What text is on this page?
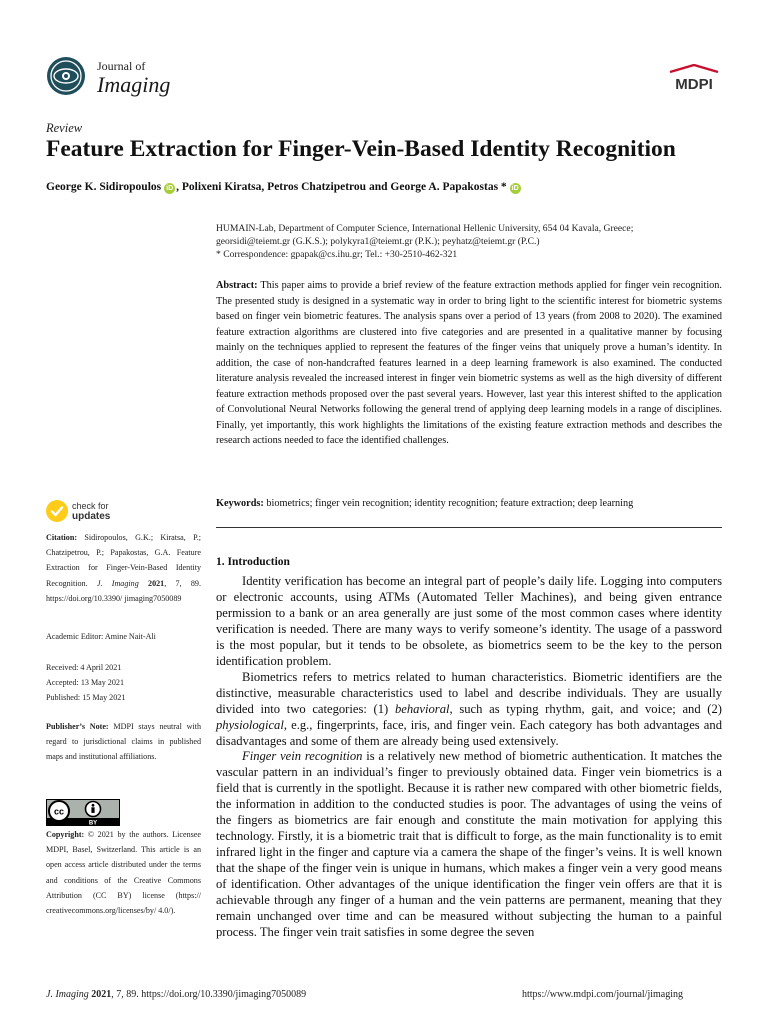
Journal of
Imaging	MDPI
Review
Feature Extraction for Finger-Vein-Based Identity Recognition
George K. Sidiropoulos iD , Polixeni Kiratsa, Petros Chatzipetrou and George A. Papakostas * iD
HUMAIN-Lab, Department of Computer Science, International Hellenic University, 654 04 Kavala, Greece;
georsidi@teiemt.gr (G.K.S.); polykyra1@teiemt.gr (P.K.); peyhatz@teiemt.gr (P.C.)
* Correspondence: gpapak@cs.ihu.gr; Tel.: +30-2510-462-321
Abstract: This paper aims to provide a brief review of the feature extraction methods applied for finger vein recognition. The presented study is designed in a systematic way in order to bring light to the scientific interest for biometric systems based on finger vein biometric features. The analysis spans over a period of 13 years (from 2008 to 2020). The examined feature extraction algorithms are clustered into five categories and are presented in a qualitative manner by focusing mainly on the techniques applied to represent the features of the finger veins that uniquely prove a human’s identity. In addition, the case of non-handcrafted features learned in a deep learning framework is also examined. The conducted literature analysis revealed the increased interest in finger vein biometric systems as well as the high diversity of different feature extraction methods proposed over the past several years. However, last year this interest shifted to the application of Convolutional Neural Networks following the general trend of applying deep learning models in a range of disciplines. Finally, yet importantly, this work highlights the limitations of the existing feature extraction methods and describes the research actions needed to face the identified challenges.
Keywords: biometrics; finger vein recognition; identity recognition; feature extraction; deep learning
check for
updates
Citation: Sidiropoulos, G.K.; Kiratsa, P.; Chatzipetrou, P.; Papakostas, G.A. Feature Extraction for Finger-Vein-Based Identity Recognition. J. Imaging 2021, 7, 89. https://doi.org/10.3390/ jimaging7050089
Academic Editor: Amine Nait-Ali
Received: 4 April 2021
Accepted: 13 May 2021
Published: 15 May 2021
Publisher’s Note: MDPI stays neutral with regard to jurisdictional claims in published maps and institutional affiliations.
cc
BY
Copyright: © 2021 by the authors. Licensee MDPI, Basel, Switzerland. This article is an open access article distributed under the terms and conditions of the Creative Commons Attribution (CC BY) license (https:// creativecommons.org/licenses/by/ 4.0/).
1. Introduction

Identity verification has become an integral part of people’s daily life. Logging into computers or electronic accounts, using ATMs (Automated Teller Machines), and being given entrance permission to a bank or an area generally are just some of the most common cases where identity verification is needed. There are many ways to verify someone’s identity. The usage of a password is the most popular, but it tends to be obsolete, as biometrics seem to be the key to the person identification problem.

Biometrics refers to metrics related to human characteristics. Biometric identifiers are the distinctive, measurable characteristics used to label and describe individuals. They are usually divided into two categories: (1) behavioral, such as typing rhythm, gait, and voice; and (2) physiological, e.g., fingerprints, face, iris, and finger vein. Each category has both advantages and disadvantages and some of them are already being used extensively.

Finger vein recognition is a relatively new method of biometric authentication. It matches the vascular pattern in an individual’s finger to previously obtained data. Finger vein biometrics is a field that is currently in the spotlight. Because it is rather new compared with other biometric fields, the information in addition to the conducted studies is poor. The advantages of using the veins of the fingers as biometrics are fair enough and constitute the main motivation for applying this technology. Firstly, it is a biometric trait that is difficult to forge, as the main functionality is to emit infrared light in the finger and capture via a camera the shape of the finger’s veins. It is well known that the shape of the finger vein is unique in humans, which makes a finger vein a very good means of identification. Other advantages of the unique identification the finger vein offers are that it is achievable through any finger of a human and the vein patterns are permanent, meaning that they remain unchanged over time and can be measured without subjecting the human to a painful process. The finger vein trait satisfies in some degree the seven

J. Imaging 2021, 7, 89. https://doi.org/10.3390/jimaging7050089	https://www.mdpi.com/journal/jimaging
